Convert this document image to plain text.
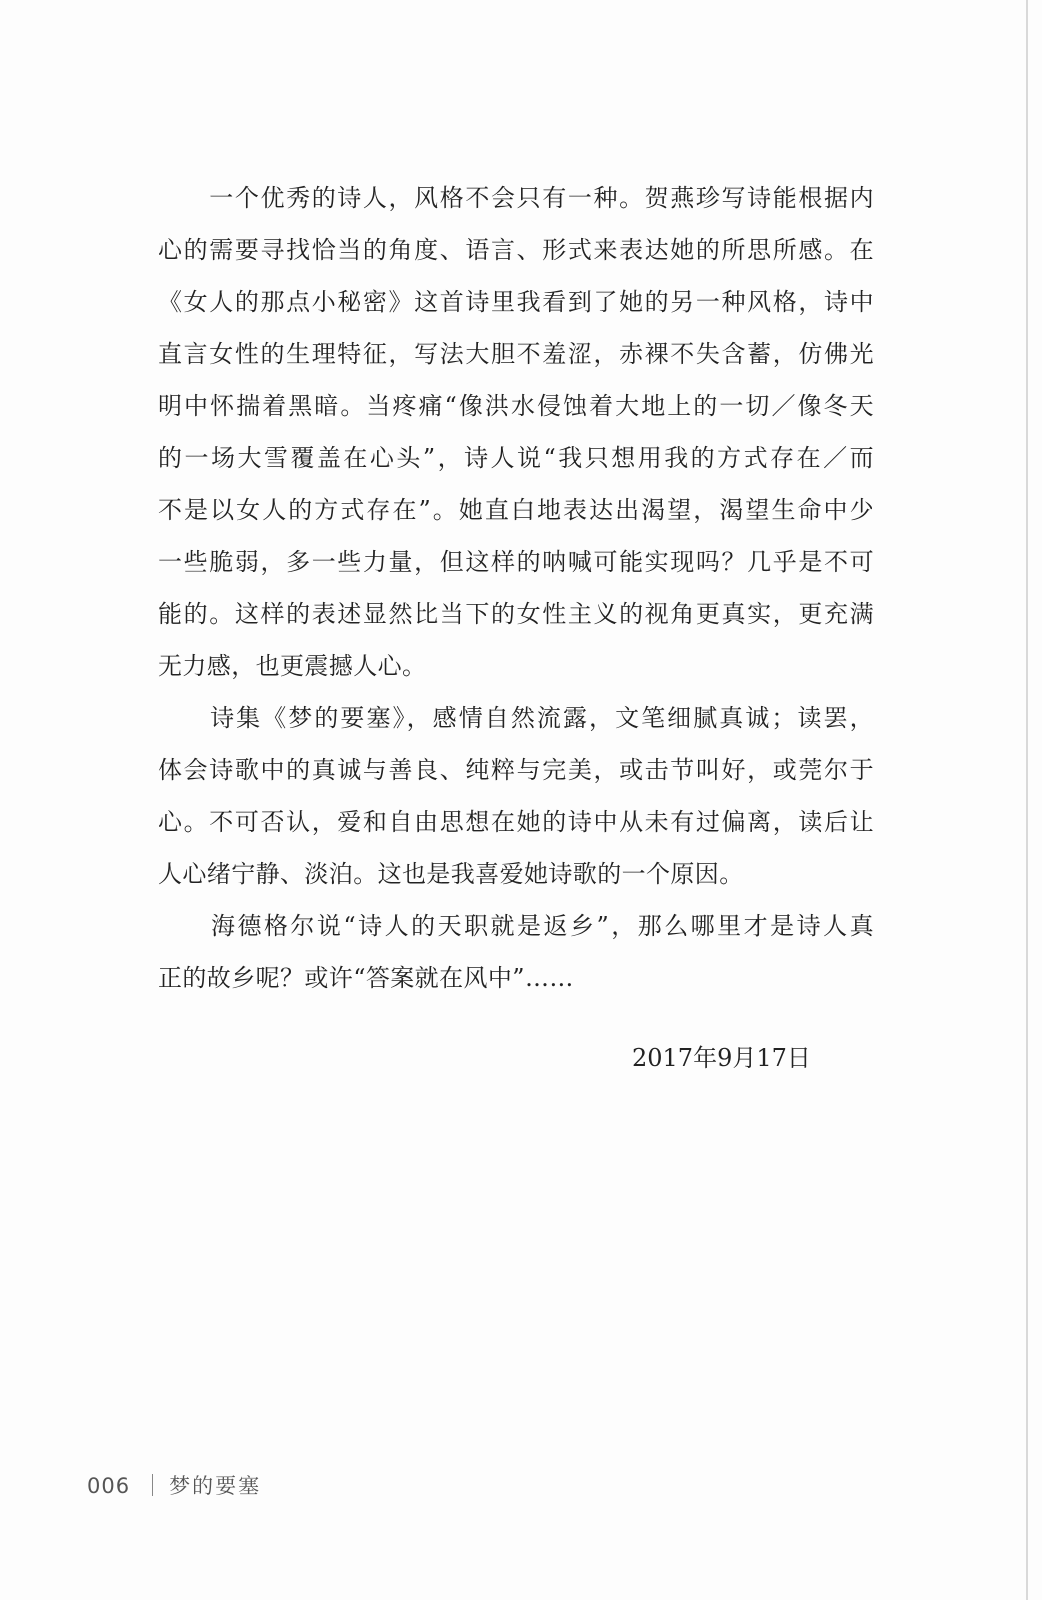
　　一个优秀的诗人，风格不会只有一种。贺燕珍写诗能根据内
心的需要寻找恰当的角度、语言、形式来表达她的所思所感。在
《女人的那点小秘密》这首诗里我看到了她的另一种风格，诗中
直言女性的生理特征，写法大胆不羞涩，赤裸不失含蓄，仿佛光
明中怀揣着黑暗。当疼痛“像洪水侵蚀着大地上的一切／像冬天
的一场大雪覆盖在心头”，诗人说“我只想用我的方式存在／而
不是以女人的方式存在”。她直白地表达出渴望，渴望生命中少
一些脆弱，多一些力量，但这样的呐喊可能实现吗？几乎是不可
能的。这样的表述显然比当下的女性主义的视角更真实，更充满
无力感，也更震撼人心。
　　诗集《梦的要塞》，感情自然流露，文笔细腻真诚；读罢，
体会诗歌中的真诚与善良、纯粹与完美，或击节叫好，或莞尔于
心。不可否认，爱和自由思想在她的诗中从未有过偏离，读后让
人心绪宁静、淡泊。这也是我喜爱她诗歌的一个原因。
　　海德格尔说“诗人的天职就是返乡”，那么哪里才是诗人真
正的故乡呢？或许“答案就在风中”……
2017年9月17日
006 梦的要塞
